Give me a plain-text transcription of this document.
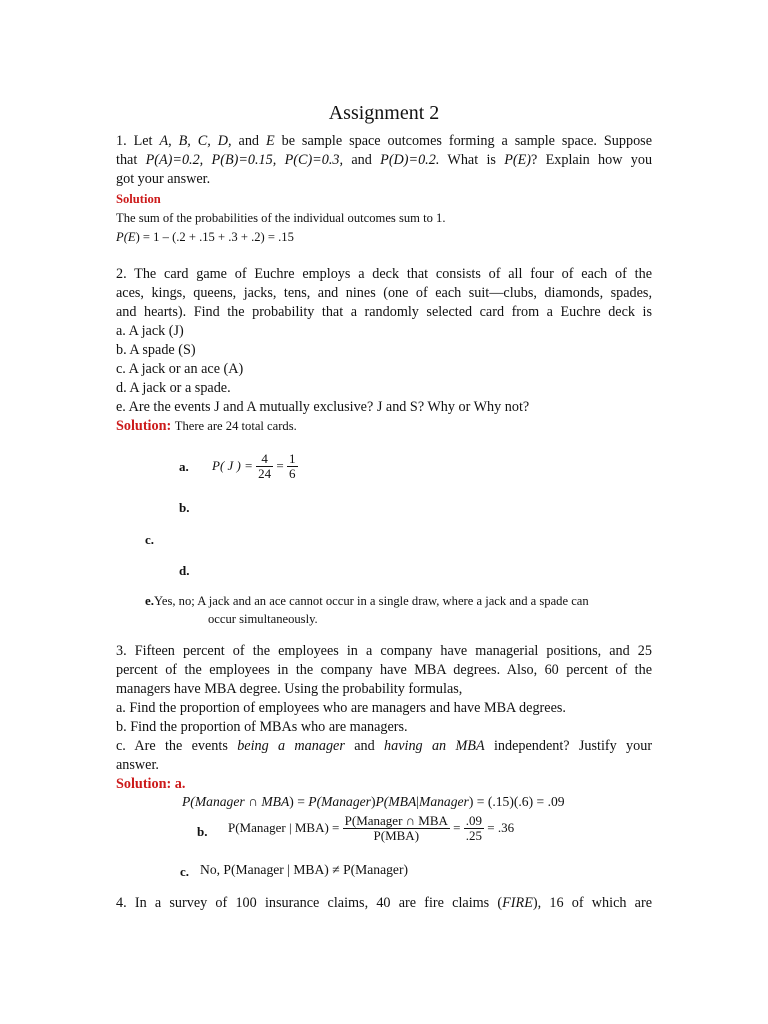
Assignment 2
1. Let A, B, C, D, and E be sample space outcomes forming a sample space. Suppose
that P(A)=0.2, P(B)=0.15, P(C)=0.3, and P(D)=0.2. What is P(E)? Explain how you
got your answer.
Solution
The sum of the probabilities of the individual outcomes sum to 1.
P(E) = 1 – (.2 + .15 + .3 + .2) = .15
2. The card game of Euchre employs a deck that consists of all four of each of the
aces, kings, queens, jacks, tens, and nines (one of each suit—clubs, diamonds, spades,
and hearts). Find the probability that a randomly selected card from a Euchre deck is
a. A jack (J)
b. A spade (S)
c. A jack or an ace (A)
d. A jack or a spade.
e. Are the events J and A mutually exclusive? J and S? Why or Why not?
Solution: There are 24 total cards.
a. P( J ) = $\frac{4}{24} = \frac{1}{6}$
b.
c.
d.
e.Yes, no; A jack and an ace cannot occur in a single draw, where a jack and a spade can
occur simultaneously.
3. Fifteen percent of the employees in a company have managerial positions, and 25
percent of the employees in the company have MBA degrees. Also, 60 percent of the
managers have MBA degree. Using the probability formulas,
a. Find the proportion of employees who are managers and have MBA degrees.
b. Find the proportion of MBAs who are managers.
c. Are the events being a manager and having an MBA independent? Justify your
answer.
Solution: a.
P(Manager ∩ MBA) = P(Manager)P(MBA|Manager) = (.15)(.6) = .09
b. P(Manager | $MBA) = \frac{\text{P(Manager ∩ MBA}}{\text{P(MBA)}} = \frac{.09}{.25} = .36$
c. No, P(Manager | MBA) ≠ P(Manager)
4. In a survey of 100 insurance claims, 40 are fire claims (FIRE), 16 of which are
